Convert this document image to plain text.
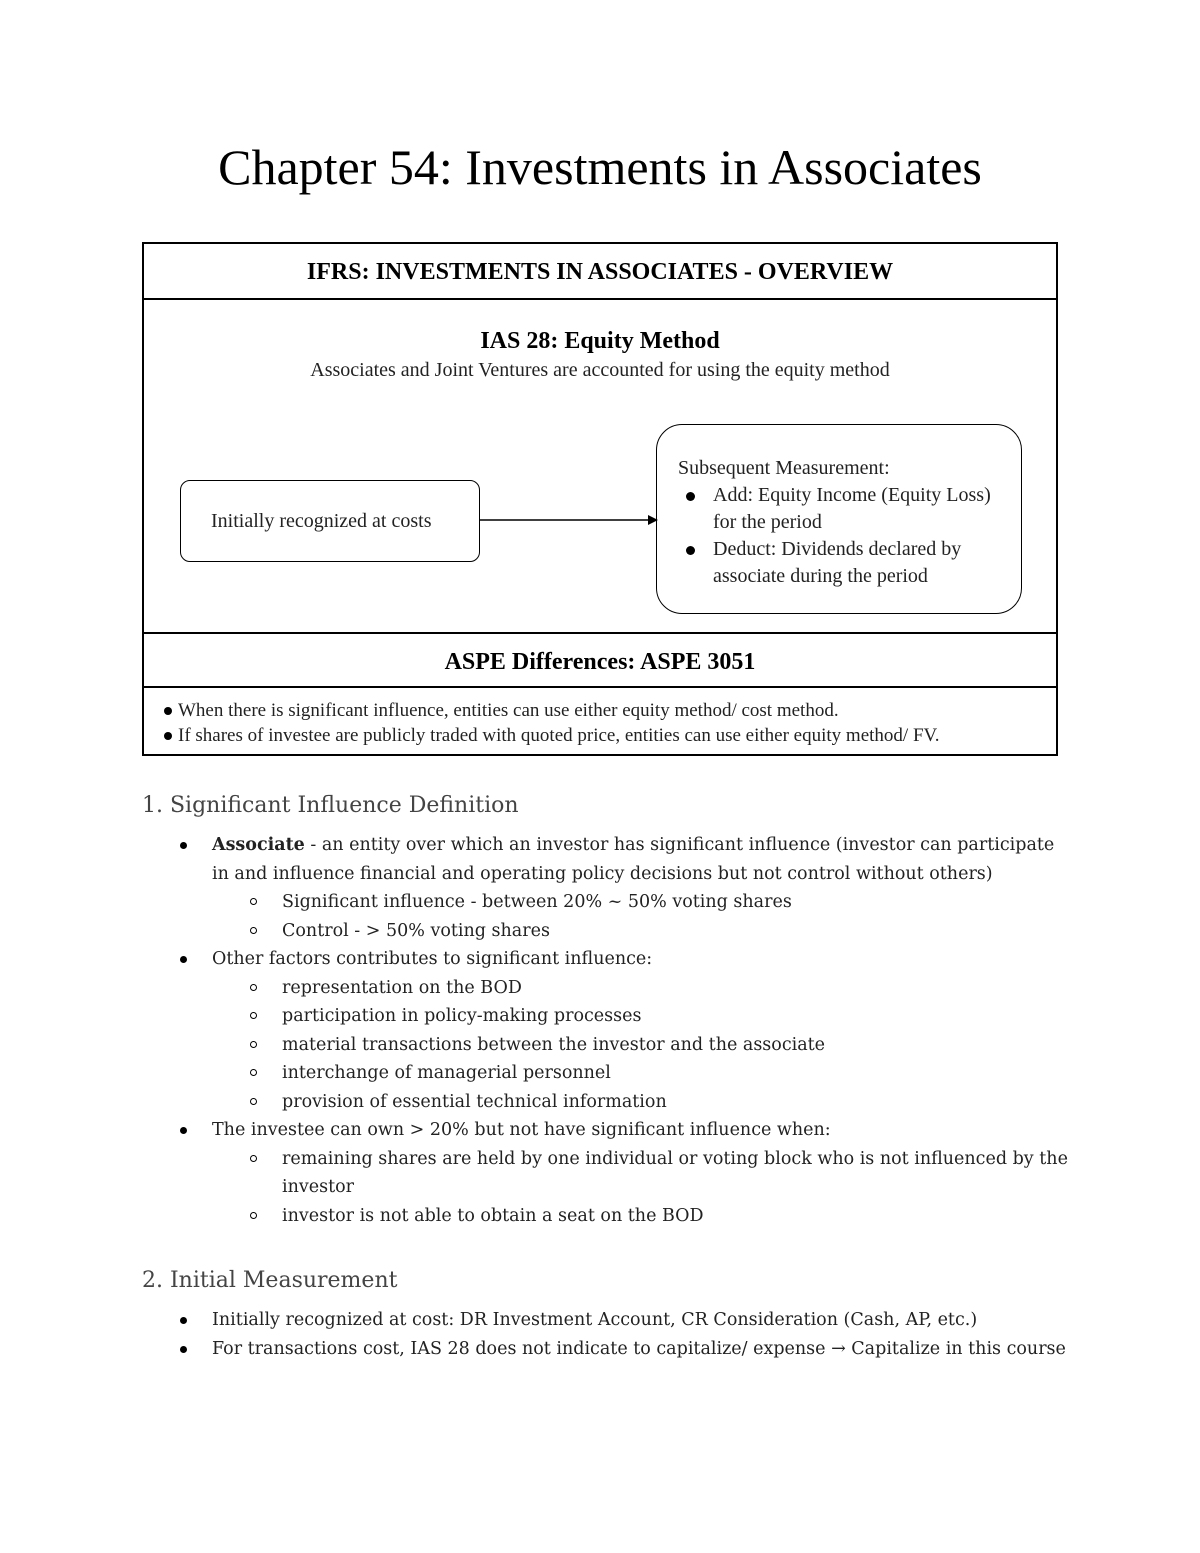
Chapter 54: Investments in Associates
IFRS: INVESTMENTS IN ASSOCIATES - OVERVIEW
IAS 28: Equity Method
Associates and Joint Ventures are accounted for using the equity method
Initially recognized at costs
Subsequent Measurement:
Add: Equity Income (Equity Loss) for the period
Deduct: Dividends declared by associate during the period
ASPE Differences: ASPE 3051
When there is significant influence, entities can use either equity method/ cost method.
If shares of investee are publicly traded with quoted price, entities can use either equity method/ FV.
1. Significant Influence Definition
Associate - an entity over which an investor has significant influence (investor can participate in and influence financial and operating policy decisions but not control without others)
Significant influence - between 20% ~ 50% voting shares
Control - > 50% voting shares
Other factors contributes to significant influence:
representation on the BOD
participation in policy-making processes
material transactions between the investor and the associate
interchange of managerial personnel
provision of essential technical information
The investee can own > 20% but not have significant influence when:
remaining shares are held by one individual or voting block who is not influenced by the investor
investor is not able to obtain a seat on the BOD
2. Initial Measurement
Initially recognized at cost: DR Investment Account, CR Consideration (Cash, AP, etc.)
For transactions cost, IAS 28 does not indicate to capitalize/ expense → Capitalize in this course
